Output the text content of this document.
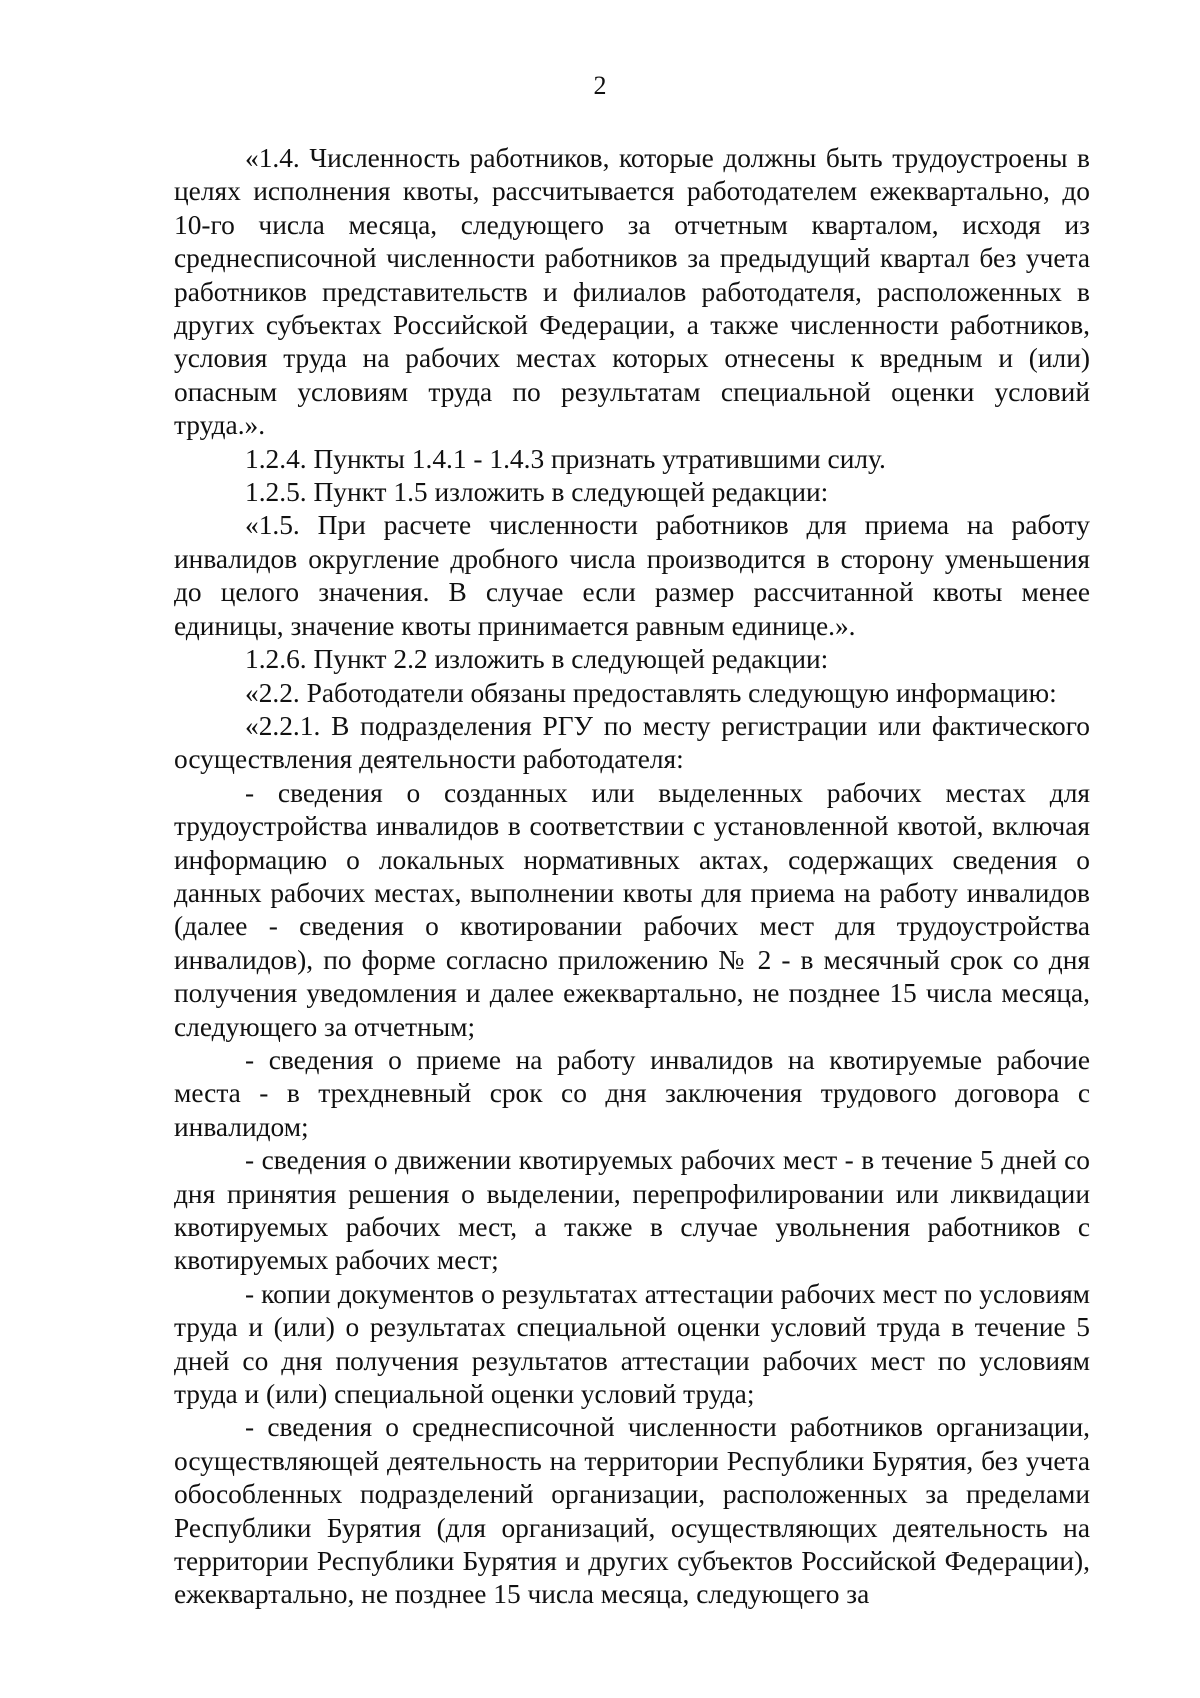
2

«1.4. Численность работников, которые должны быть трудоустроены в целях исполнения квоты, рассчитывается работодателем ежеквартально, до 10-го числа месяца, следующего за отчетным кварталом, исходя из среднесписочной численности работников за предыдущий квартал без учета работников представительств и филиалов работодателя, расположенных в других субъектах Российской Федерации, а также численности работников, условия труда на рабочих местах которых отнесены к вредным и (или) опасным условиям труда по результатам специальной оценки условий труда.».

1.2.4. Пункты 1.4.1 - 1.4.3 признать утратившими силу.

1.2.5. Пункт 1.5 изложить в следующей редакции:

«1.5. При расчете численности работников для приема на работу инвалидов округление дробного числа производится в сторону уменьшения до целого значения. В случае если размер рассчитанной квоты менее единицы, значение квоты принимается равным единице.».

1.2.6. Пункт 2.2 изложить в следующей редакции:

«2.2. Работодатели обязаны предоставлять следующую информацию:

«2.2.1. В подразделения РГУ по месту регистрации или фактического осуществления деятельности работодателя:

- сведения о созданных или выделенных рабочих местах для трудоустройства инвалидов в соответствии с установленной квотой, включая информацию о локальных нормативных актах, содержащих сведения о данных рабочих местах, выполнении квоты для приема на работу инвалидов (далее - сведения о квотировании рабочих мест для трудоустройства инвалидов), по форме согласно приложению № 2 - в месячный срок со дня получения уведомления и далее ежеквартально, не позднее 15 числа месяца, следующего за отчетным;

- сведения о приеме на работу инвалидов на квотируемые рабочие места - в трехдневный срок со дня заключения трудового договора с инвалидом;

- сведения о движении квотируемых рабочих мест - в течение 5 дней со дня принятия решения о выделении, перепрофилировании или ликвидации квотируемых рабочих мест, а также в случае увольнения работников с квотируемых рабочих мест;

- копии документов о результатах аттестации рабочих мест по условиям труда и (или) о результатах специальной оценки условий труда в течение 5 дней со дня получения результатов аттестации рабочих мест по условиям труда и (или) специальной оценки условий труда;

- сведения о среднесписочной численности работников организации, осуществляющей деятельность на территории Республики Бурятия, без учета обособленных подразделений организации, расположенных за пределами Республики Бурятия (для организаций, осуществляющих деятельность на территории Республики Бурятия и других субъектов Российской Федерации), ежеквартально, не позднее 15 числа месяца, следующего за
